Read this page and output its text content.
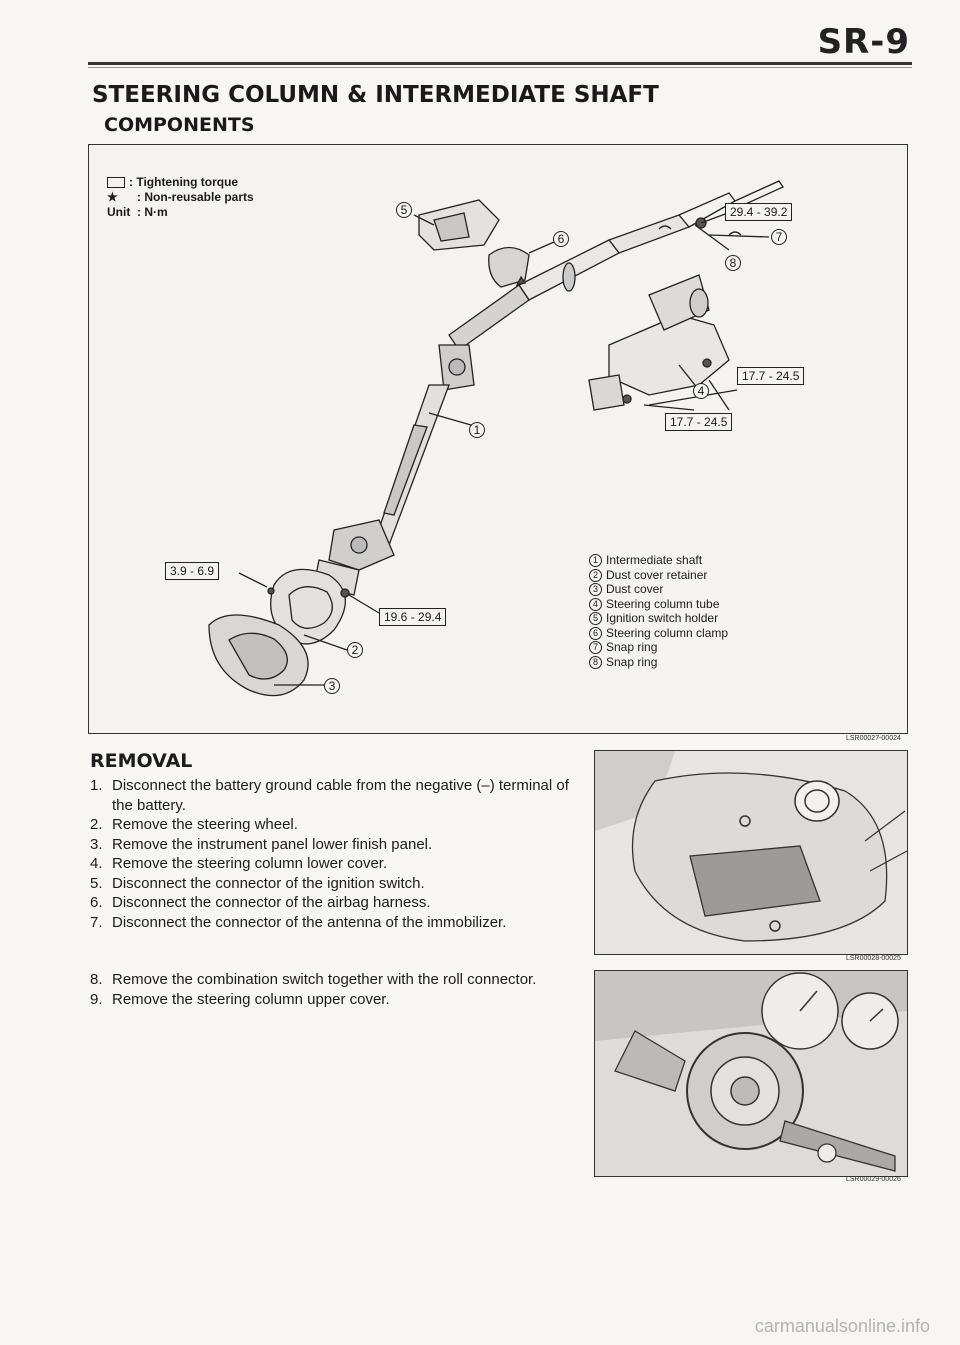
SR-9
STEERING COLUMN & INTERMEDIATE SHAFT
COMPONENTS
: Tightening torque
★ : Non-reusable parts
Unit : N·m	29.4 - 39.2
17.7 - 24.5
17.7 - 24.5
3.9 - 6.9
19.6 - 29.4
5
6	7
8
4
1
2
3
1 Intermediate shaft
2 Dust cover retainer
3 Dust cover
4 Steering column tube
5 Ignition switch holder
6 Steering column clamp
7 Snap ring
8 Snap ring
LSR00027-00024
REMOVAL
1. Disconnect the battery ground cable from the negative (–) terminal of the battery.
2. Remove the steering wheel.
3. Remove the instrument panel lower finish panel.
4. Remove the steering column lower cover.
5. Disconnect the connector of the ignition switch.
6. Disconnect the connector of the airbag harness.
7. Disconnect the connector of the antenna of the immobilizer.
8. Remove the combination switch together with the roll connector.
9. Remove the steering column upper cover.
LSR00028-00025
LSR00029-00026
carmanualsonline.info
